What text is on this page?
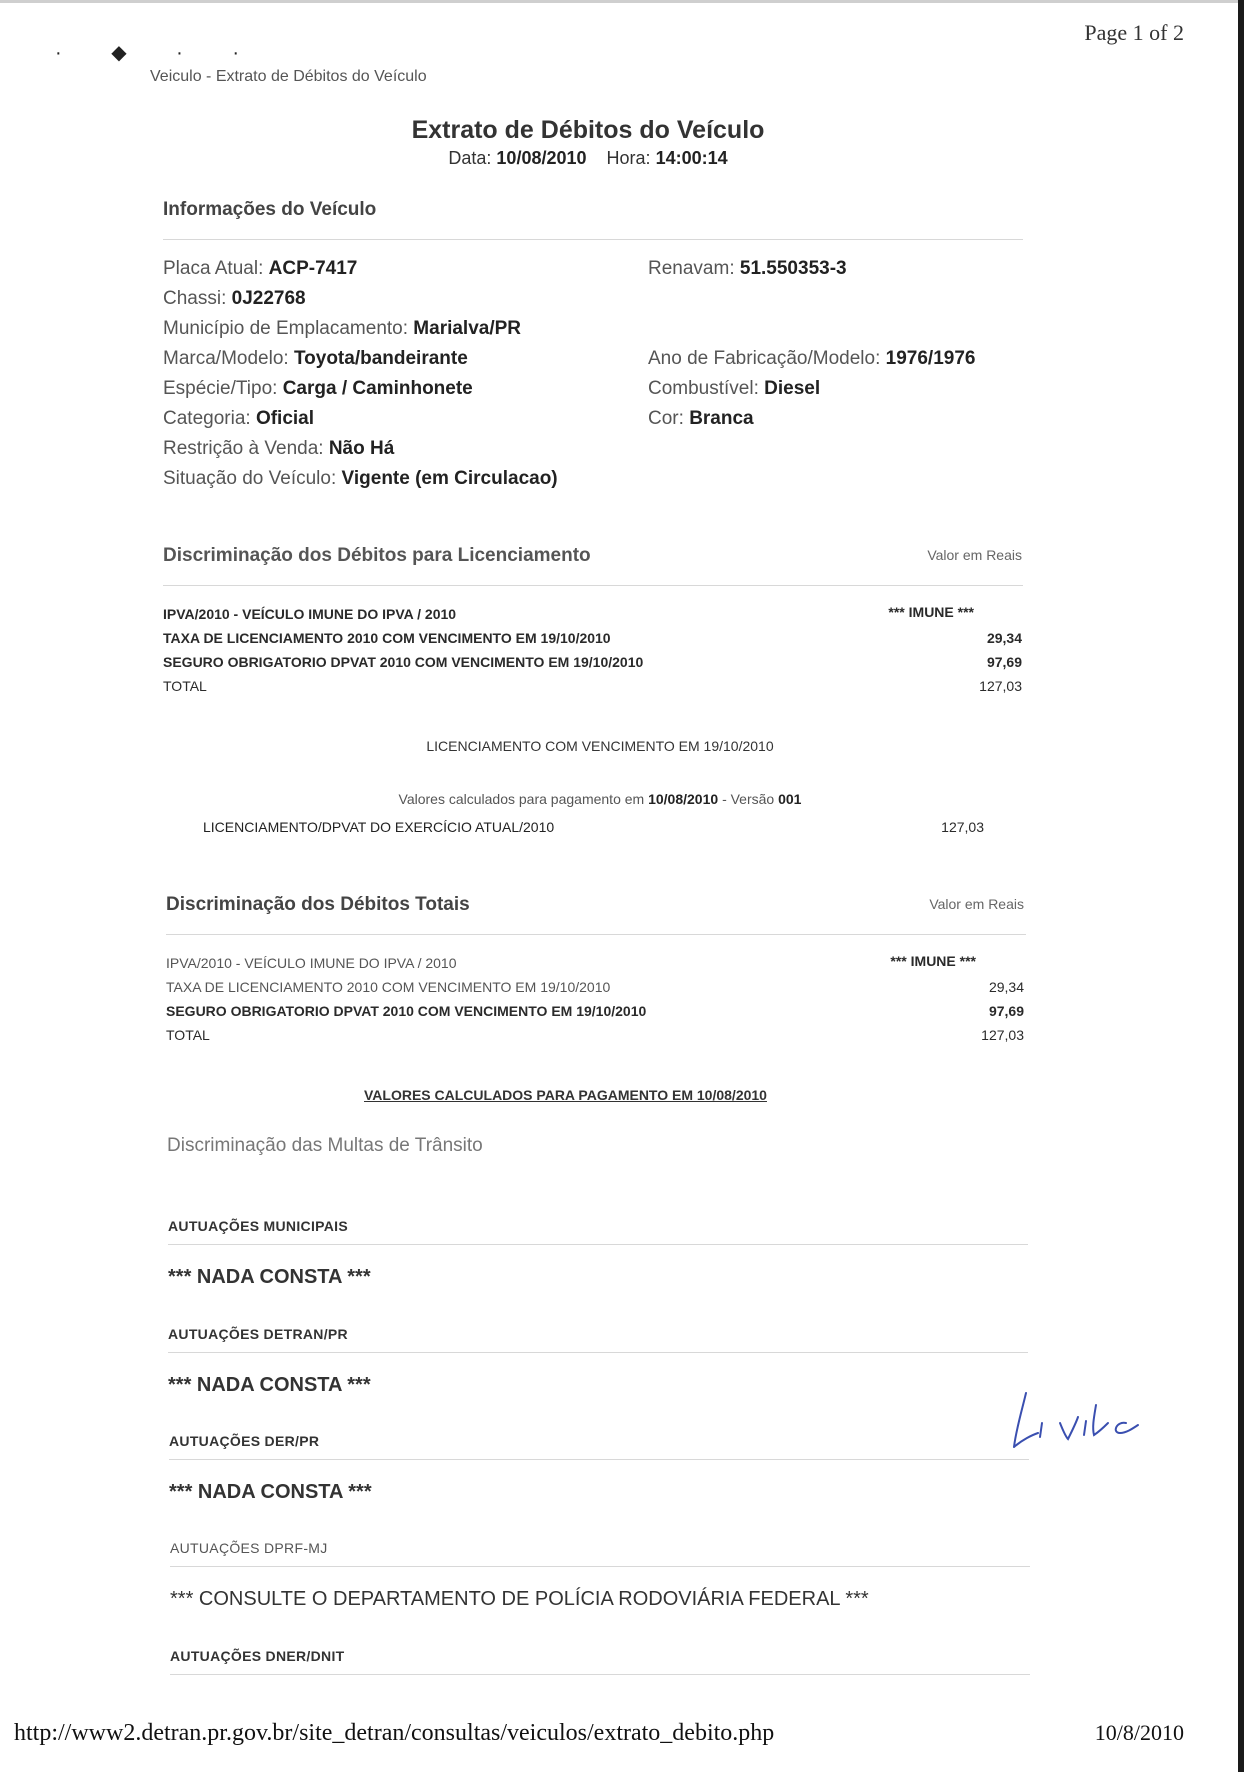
Page 1 of 2
· ◆ · ·
Veiculo - Extrato de Débitos do Veículo
Extrato de Débitos do Veículo
Data: 10/08/2010 Hora: 14:00:14
Informações do Veículo
Placa Atual: ACP-7417	Renavam: 51.550353-3
Chassi: 0J22768
Município de Emplacamento: Marialva/PR
Marca/Modelo: Toyota/bandeirante	Ano de Fabricação/Modelo: 1976/1976
Espécie/Tipo: Carga / Caminhonete	Combustível: Diesel
Categoria: Oficial	Cor: Branca
Restrição à Venda: Não Há
Situação do Veículo: Vigente (em Circulacao)
Discriminação dos Débitos para Licenciamento	Valor em Reais
IPVA/2010 - VEÍCULO IMUNE DO IPVA / 2010	*** IMUNE ***
TAXA DE LICENCIAMENTO 2010 COM VENCIMENTO EM 19/10/2010	29,34
SEGURO OBRIGATORIO DPVAT 2010 COM VENCIMENTO EM 19/10/2010	97,69
TOTAL	127,03
LICENCIAMENTO COM VENCIMENTO EM 19/10/2010
Valores calculados para pagamento em 10/08/2010 - Versão 001
LICENCIAMENTO/DPVAT DO EXERCÍCIO ATUAL/2010	127,03
Discriminação dos Débitos Totais	Valor em Reais
IPVA/2010 - VEÍCULO IMUNE DO IPVA / 2010	*** IMUNE ***
TAXA DE LICENCIAMENTO 2010 COM VENCIMENTO EM 19/10/2010	29,34
SEGURO OBRIGATORIO DPVAT 2010 COM VENCIMENTO EM 19/10/2010	97,69
TOTAL	127,03
VALORES CALCULADOS PARA PAGAMENTO EM 10/08/2010
Discriminação das Multas de Trânsito
AUTUAÇÕES MUNICIPAIS
*** NADA CONSTA ***
AUTUAÇÕES DETRAN/PR
*** NADA CONSTA ***
AUTUAÇÕES DER/PR
*** NADA CONSTA ***
AUTUAÇÕES DPRF-MJ
*** CONSULTE O DEPARTAMENTO DE POLÍCIA RODOVIÁRIA FEDERAL ***
AUTUAÇÕES DNER/DNIT
http://www2.detran.pr.gov.br/site_detran/consultas/veiculos/extrato_debito.php	10/8/2010
